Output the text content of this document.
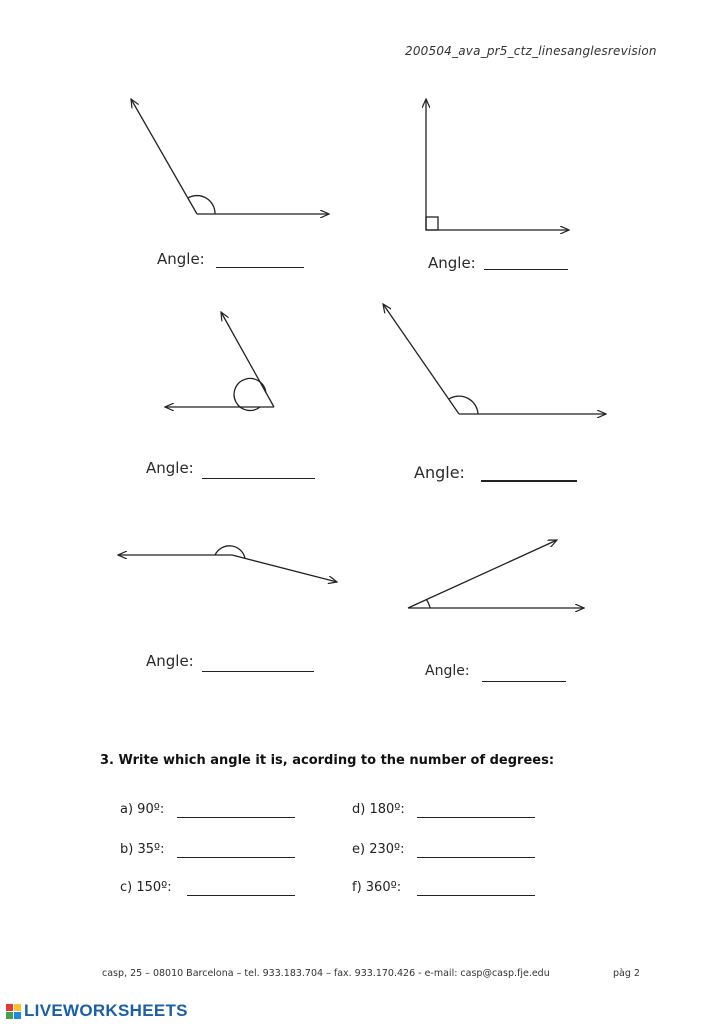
200504_ava_pr5_ctz_linesanglesrevision
Angle:	Angle:
Angle:	Angle:
Angle:
Angle:
3. Write which angle it is, acording to the number of degrees:
a) 90º:
b) 35º:
c) 150º:
d) 180º:
e) 230º:
f) 360º:
casp, 25 – 08010 Barcelona – tel. 933.183.704 – fax. 933.170.426 - e-mail: casp@casp.fje.edu	pàg 2
LIVEWORKSHEETS
